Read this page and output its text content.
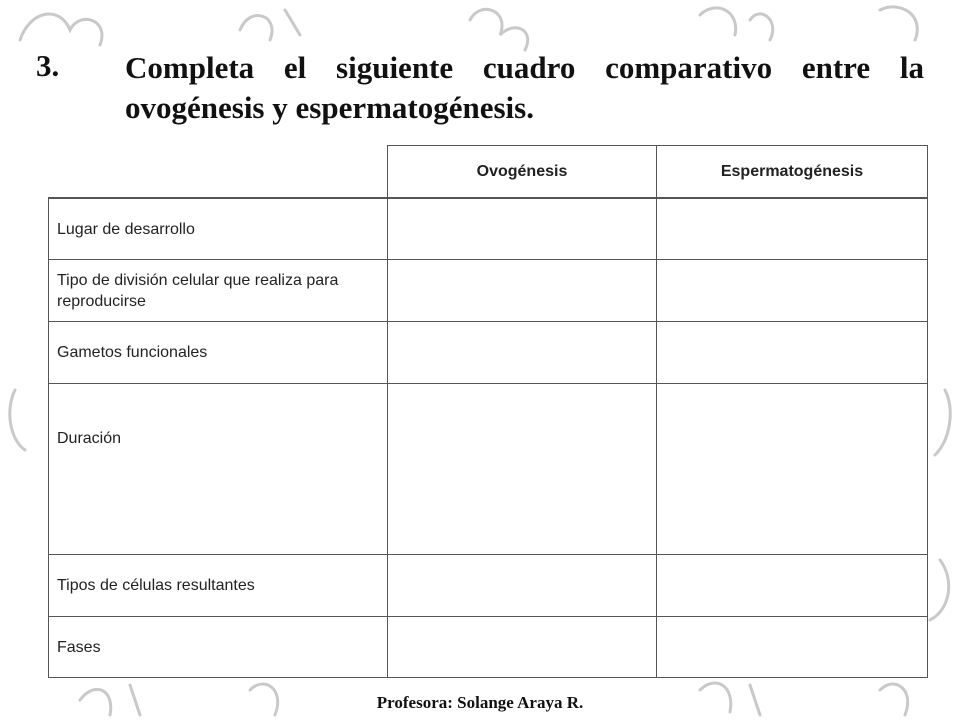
3. Completa el siguiente cuadro comparativo entre la ovogénesis y espermatogénesis.
	Ovogénesis	Espermatogénesis

Lugar de desarrollo		
Tipo de división celular que realiza para reproducirse		
Gametos funcionales		
Duración		
Tipos de células resultantes		
Fases		
Profesora: Solange Araya R.
